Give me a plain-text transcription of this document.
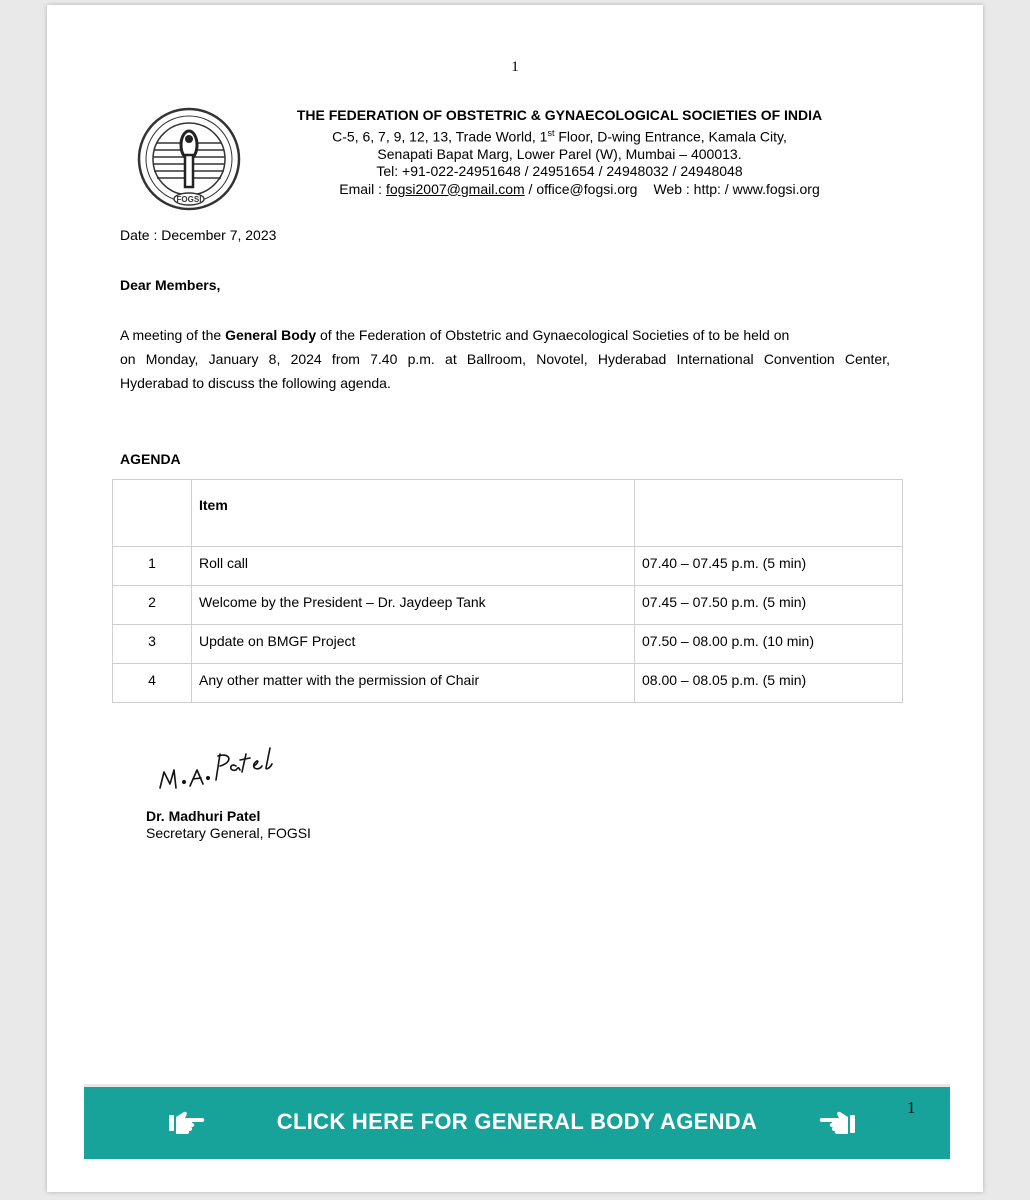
1
FOGSI
THE FEDERATION OF OBSTETRIC & GYNAECOLOGICAL SOCIETIES OF INDIA
C-5, 6, 7, 9, 12, 13, Trade World, 1st Floor, D-wing Entrance, Kamala City,
Senapati Bapat Marg, Lower Parel (W), Mumbai – 400013.
Tel: +91-022-24951648 / 24951654 / 24948032 / 24948048
Email : fogsi2007@gmail.com / office@fogsi.org Web : http: / www.fogsi.org
Date : December 7, 2023
Dear Members,
A meeting of the General Body of the Federation of Obstetric and Gynaecological Societies of to be held on
on Monday, January 8, 2024 from 7.40 p.m. at Ballroom, Novotel, Hyderabad International Convention Center,
Hyderabad to discuss the following agenda.
AGENDA
	Item	
1	Roll call	07.40 – 07.45 p.m. (5 min)
2	Welcome by the President – Dr. Jaydeep Tank	07.45 – 07.50 p.m. (5 min)
3	Update on BMGF Project	07.50 – 08.00 p.m. (10 min)
4	Any other matter with the permission of Chair	08.00 – 08.05 p.m. (5 min)
Dr. Madhuri Patel
Secretary General, FOGSI
CLICK HERE FOR GENERAL BODY AGENDA
1
